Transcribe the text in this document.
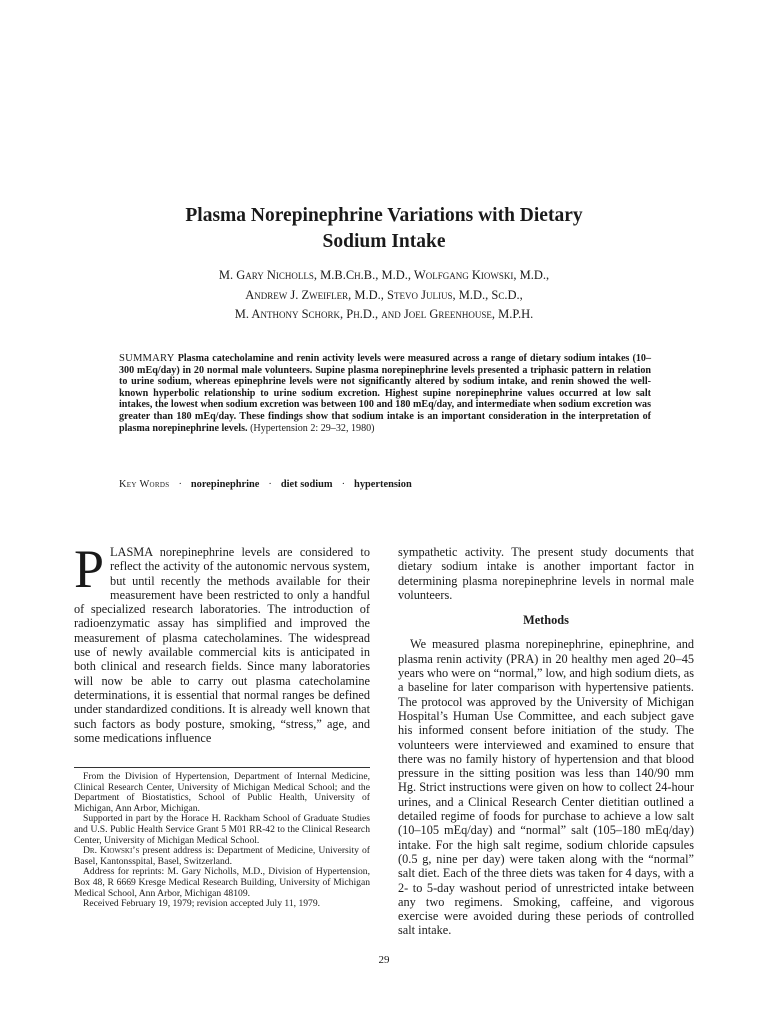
Plasma Norepinephrine Variations with Dietary
Sodium Intake
M. Gary Nicholls, M.B.Ch.B., M.D., Wolfgang Kiowski, M.D.,
Andrew J. Zweifler, M.D., Stevo Julius, M.D., Sc.D.,
M. Anthony Schork, Ph.D., and Joel Greenhouse, M.P.H.
SUMMARY Plasma catecholamine and renin activity levels were measured across a range of dietary sodium intakes (10–300 mEq/day) in 20 normal male volunteers. Supine plasma norepinephrine levels presented a triphasic pattern in relation to urine sodium, whereas epinephrine levels were not significantly altered by sodium intake, and renin showed the well-known hyperbolic relationship to urine sodium excretion. Highest supine norepinephrine values occurred at low salt intakes, the lowest when sodium excretion was between 100 and 180 mEq/day, and intermediate when sodium excretion was greater than 180 mEq/day. These findings show that sodium intake is an important consideration in the interpretation of plasma norepinephrine levels. (Hypertension 2: 29–32, 1980)
Key Words · norepinephrine · diet sodium · hypertension

PLASMA norepinephrine levels are considered to reflect the activity of the autonomic nervous system, but until recently the methods available for their measurement have been restricted to only a handful of specialized research laboratories. The introduction of radioenzymatic assay has simplified and improved the measurement of plasma catecholamines. The widespread use of newly available commercial kits is anticipated in both clinical and research fields. Since many laboratories will now be able to carry out plasma catecholamine determinations, it is essential that normal ranges be defined under standardized conditions. It is already well known that such factors as body posture, smoking, “stress,” age, and some medications influence

From the Division of Hypertension, Department of Internal Medicine, Clinical Research Center, University of Michigan Medical School; and the Department of Biostatistics, School of Public Health, University of Michigan, Ann Arbor, Michigan.

Supported in part by the Horace H. Rackham School of Graduate Studies and U.S. Public Health Service Grant 5 M01 RR-42 to the Clinical Research Center, University of Michigan Medical School.

Dr. Kiowski’s present address is: Department of Medicine, University of Basel, Kantonsspital, Basel, Switzerland.

Address for reprints: M. Gary Nicholls, M.D., Division of Hypertension, Box 48, R 6669 Kresge Medical Research Building, University of Michigan Medical School, Ann Arbor, Michigan 48109.

Received February 19, 1979; revision accepted July 11, 1979.

sympathetic activity. The present study documents that dietary sodium intake is another important factor in determining plasma norepinephrine levels in normal male volunteers.

Methods

We measured plasma norepinephrine, epinephrine, and plasma renin activity (PRA) in 20 healthy men aged 20–45 years who were on “normal,” low, and high sodium diets, as a baseline for later comparison with hypertensive patients. The protocol was approved by the University of Michigan Hospital’s Human Use Committee, and each subject gave his informed consent before initiation of the study. The volunteers were interviewed and examined to ensure that there was no family history of hypertension and that blood pressure in the sitting position was less than 140/90 mm Hg. Strict instructions were given on how to collect 24-hour urines, and a Clinical Research Center dietitian outlined a detailed regime of foods for purchase to achieve a low salt (10–105 mEq/day) and “normal” salt (105–180 mEq/day) intake. For the high salt regime, sodium chloride capsules (0.5 g, nine per day) were taken along with the “normal” salt diet. Each of the three diets was taken for 4 days, with a 2- to 5-day washout period of unrestricted intake between any two regimens. Smoking, caffeine, and vigorous exercise were avoided during these periods of controlled salt intake.

29
